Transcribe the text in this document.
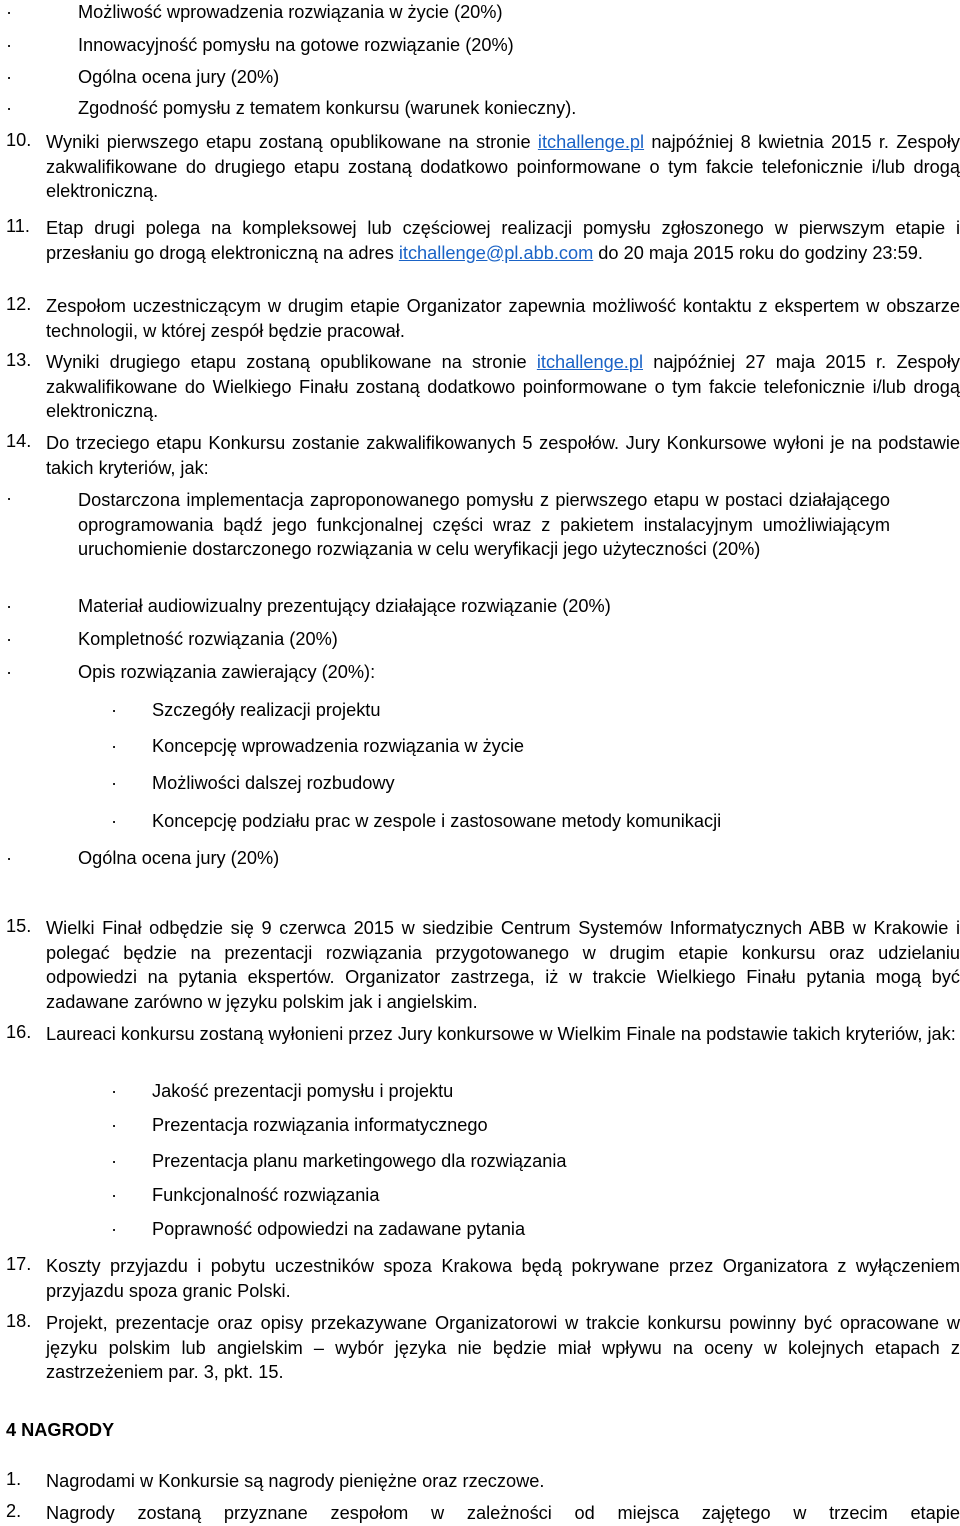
·	Możliwość wprowadzenia rozwiązania w życie (20%)
·	Innowacyjność pomysłu na gotowe rozwiązanie (20%)
·	Ogólna ocena jury (20%)
·	Zgodność pomysłu z tematem konkursu (warunek konieczny).
10. Wyniki pierwszego etapu zostaną opublikowane na stronie itchallenge.pl najpóźniej 8 kwietnia 2015 r. Zespoły zakwalifikowane do drugiego etapu zostaną dodatkowo poinformowane o tym fakcie telefonicznie i/lub drogą elektroniczną.
11. Etap drugi polega na kompleksowej lub częściowej realizacji pomysłu zgłoszonego w pierwszym etapie i przesłaniu go drogą elektroniczną na adres itchallenge@pl.abb.com do 20 maja 2015 roku do godziny 23:59.
12. Zespołom uczestniczącym w drugim etapie Organizator zapewnia możliwość kontaktu z ekspertem w obszarze technologii, w której zespół będzie pracował.
13. Wyniki drugiego etapu zostaną opublikowane na stronie itchallenge.pl najpóźniej 27 maja 2015 r. Zespoły zakwalifikowane do Wielkiego Finału zostaną dodatkowo poinformowane o tym fakcie telefonicznie i/lub drogą elektroniczną.
14. Do trzeciego etapu Konkursu zostanie zakwalifikowanych 5 zespołów. Jury Konkursowe wyłoni je na podstawie takich kryteriów, jak:
·	Dostarczona implementacja zaproponowanego pomysłu z pierwszego etapu w postaci działającego oprogramowania bądź jego funkcjonalnej części wraz z pakietem instalacyjnym umożliwiającym uruchomienie dostarczonego rozwiązania w celu weryfikacji jego użyteczności (20%)
·	Materiał audiowizualny prezentujący działające rozwiązanie (20%)
·	Kompletność rozwiązania (20%)
·	Opis rozwiązania zawierający (20%):
· Szczegóły realizacji projektu
· Koncepcję wprowadzenia rozwiązania w życie
· Możliwości dalszej rozbudowy
· Koncepcję podziału prac w zespole i zastosowane metody komunikacji
·	Ogólna ocena jury (20%)
15. Wielki Finał odbędzie się 9 czerwca 2015 w siedzibie Centrum Systemów Informatycznych ABB w Krakowie i polegać będzie na prezentacji rozwiązania przygotowanego w drugim etapie konkursu oraz udzielaniu odpowiedzi na pytania ekspertów. Organizator zastrzega, iż w trakcie Wielkiego Finału pytania mogą być zadawane zarówno w języku polskim jak i angielskim.
16. Laureaci konkursu zostaną wyłonieni przez Jury konkursowe w Wielkim Finale na podstawie takich kryteriów, jak:
· Jakość prezentacji pomysłu i projektu
· Prezentacja rozwiązania informatycznego
· Prezentacja planu marketingowego dla rozwiązania
· Funkcjonalność rozwiązania
· Poprawność odpowiedzi na zadawane pytania
17. Koszty przyjazdu i pobytu uczestników spoza Krakowa będą pokrywane przez Organizatora z wyłączeniem przyjazdu spoza granic Polski.
18. Projekt, prezentacje oraz opisy przekazywane Organizatorowi w trakcie konkursu powinny być opracowane w języku polskim lub angielskim – wybór języka nie będzie miał wpływu na oceny w kolejnych etapach z zastrzeżeniem par. 3, pkt. 15.
4 NAGRODY
1. Nagrodami w Konkursie są nagrody pieniężne oraz rzeczowe.
2. Nagrody zostaną przyznane zespołom w zależności od miejsca zajętego w trzecim etapie
